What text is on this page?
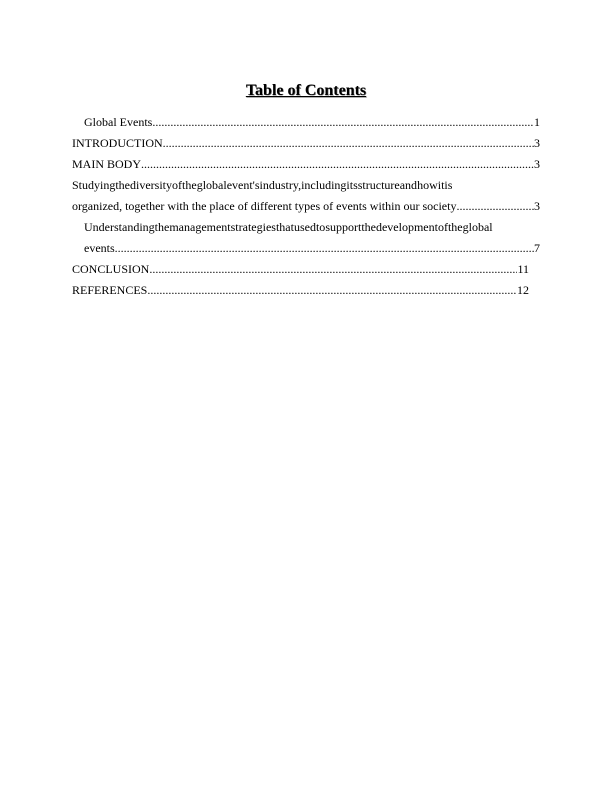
Table of Contents
Global Events .....	1
INTRODUCTION .....	3
MAIN BODY .....	3
Studyingthediversityoftheglobalevent'sindustry,includingitsstructureandhowitis
organized, together with the place of different types of events within our society .....	3
Understandingthemanagementstrategiesthatusedtosupportthedevelopmentoftheglobal
events .....	7
CONCLUSION .....	11
REFERENCES .....	12
